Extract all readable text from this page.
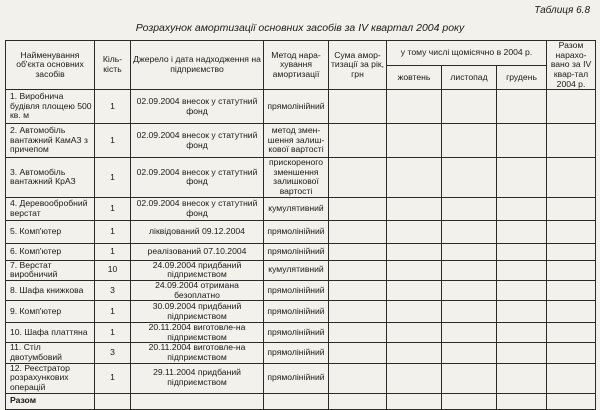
Таблиця 6.8
Розрахунок амортизації основних засобів за IV квартал 2004 року
Найменування об'єкта основних засобів	Кіль-кість	Джерело і дата надходження на підприємство	Метод нара-хування амортизації	Сума амор-тизації за рік, грн	у тому числі щомісячно в 2004 р.			Разом нарахо-вано за IV квар-тал 2004 р.
					жовтень	листопад	грудень	
1. Виробнича будівля площею 500 кв. м	1	02.09.2004 внесок у статутний фонд	прямолінійний					
2. Автомобіль вантажний КамАЗ з причепом	1	02.09.2004 внесок у статутний фонд	метод змен-шення залиш-кової вартості					
3. Автомобіль вантажний КрАЗ	1	02.09.2004 внесок у статутний фонд	прискореного зменшення залишкової вартості					
4. Деревообробний верстат	1	02.09.2004 внесок у статутний фонд	кумулятивний					
5. Комп'ютер	1	ліквідований 09.12.2004	прямолінійний					
6. Комп'ютер	1	реалізований 07.10.2004	прямолінійний					
7. Верстат виробничий	10	24.09.2004 придбаний підприємством	кумулятивний					
8. Шафа книжкова	3	24.09.2004 отримана безоплатно	прямолінійний					
9. Комп'ютер	1	30.09.2004 придбаний підприємством	прямолінійний					
10. Шафа платтяна	1	20.11.2004 виготовле-на підприємством	прямолінійний					
11. Стіл двотумбовий	3	20.11.2004 виготовле-на підприємством	прямолінійний					
12. Реєстратор розрахункових операцій	1	29.11.2004 придбаний підприємством	прямолінійний					
Разом								
